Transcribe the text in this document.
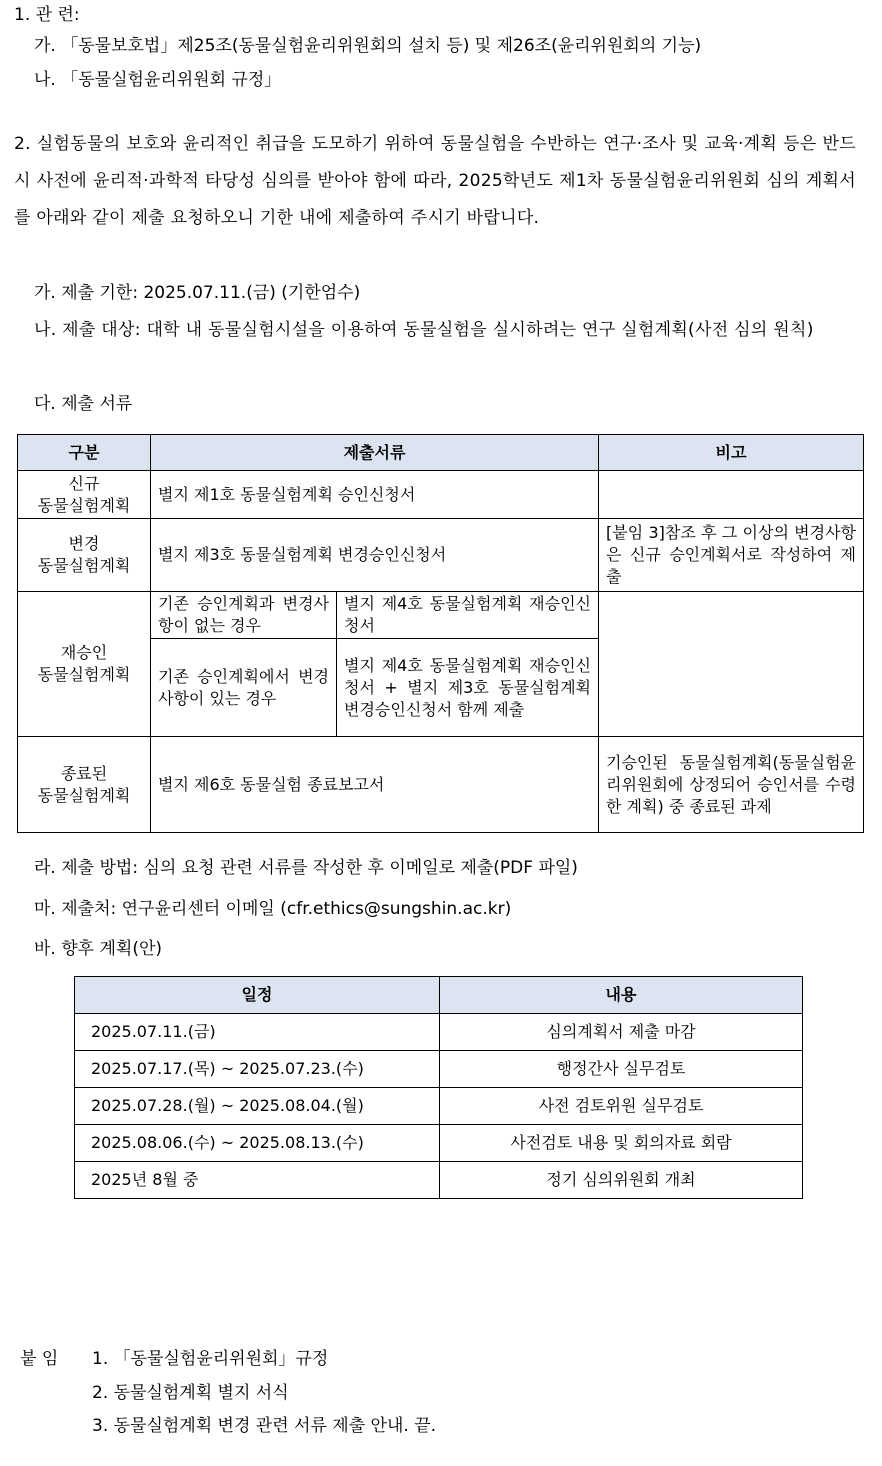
1. 관 련:
가. 「동물보호법」제25조(동물실험윤리위원회의 설치 등) 및 제26조(윤리위원회의 기능)
나. 「동물실험윤리위원회 규정」
2. 실험동물의 보호와 윤리적인 취급을 도모하기 위하여 동물실험을 수반하는 연구·조사 및 교육·계획 등은 반드시 사전에 윤리적·과학적 타당성 심의를 받아야 함에 따라, 2025학년도 제1차 동물실험윤리위원회 심의 계획서를 아래와 같이 제출 요청하오니 기한 내에 제출하여 주시기 바랍니다.
가. 제출 기한: 2025.07.11.(금) (기한엄수)
나. 제출 대상: 대학 내 동물실험시설을 이용하여 동물실험을 실시하려는 연구 실험계획(사전 심의 원칙)
다. 제출 서류
구분	제출서류		비고

신규
동물실험계획	별지 제1호 동물실험계획 승인신청서		

변경
동물실험계획	별지 제3호 동물실험계획 변경승인신청서		[붙임 3]참조 후 그 이상의 변경사항은 신규 승인계획서로 작성하여 제출

재승인
동물실험계획	기존 승인계획과 변경사항이 없는 경우	별지 제4호 동물실험계획 재승인신청서	
	기존 승인계획에서 변경사항이 있는 경우	별지 제4호 동물실험계획 재승인신청서 + 별지 제3호 동물실험계획 변경승인신청서 함께 제출	

종료된
동물실험계획	별지 제6호 동물실험 종료보고서		기승인된 동물실험계획(동물실험윤리위원회에 상정되어 승인서를 수령한 계획) 중 종료된 과제
라. 제출 방법: 심의 요청 관련 서류를 작성한 후 이메일로 제출(PDF 파일)
마. 제출처: 연구윤리센터 이메일 (cfr.ethics@sungshin.ac.kr)
바. 향후 계획(안)
일정	내용
2025.07.11.(금)	심의계획서 제출 마감
2025.07.17.(목) ~ 2025.07.23.(수)	행정간사 실무검토
2025.07.28.(월) ~ 2025.08.04.(월)	사전 검토위원 실무검토
2025.08.06.(수) ~ 2025.08.13.(수)	사전검토 내용 및 회의자료 회람
2025년 8월 중	정기 심의위원회 개최
붙 임 1. 「동물실험윤리위원회」규정
2. 동물실험계획 별지 서식
3. 동물실험계획 변경 관련 서류 제출 안내. 끝.
